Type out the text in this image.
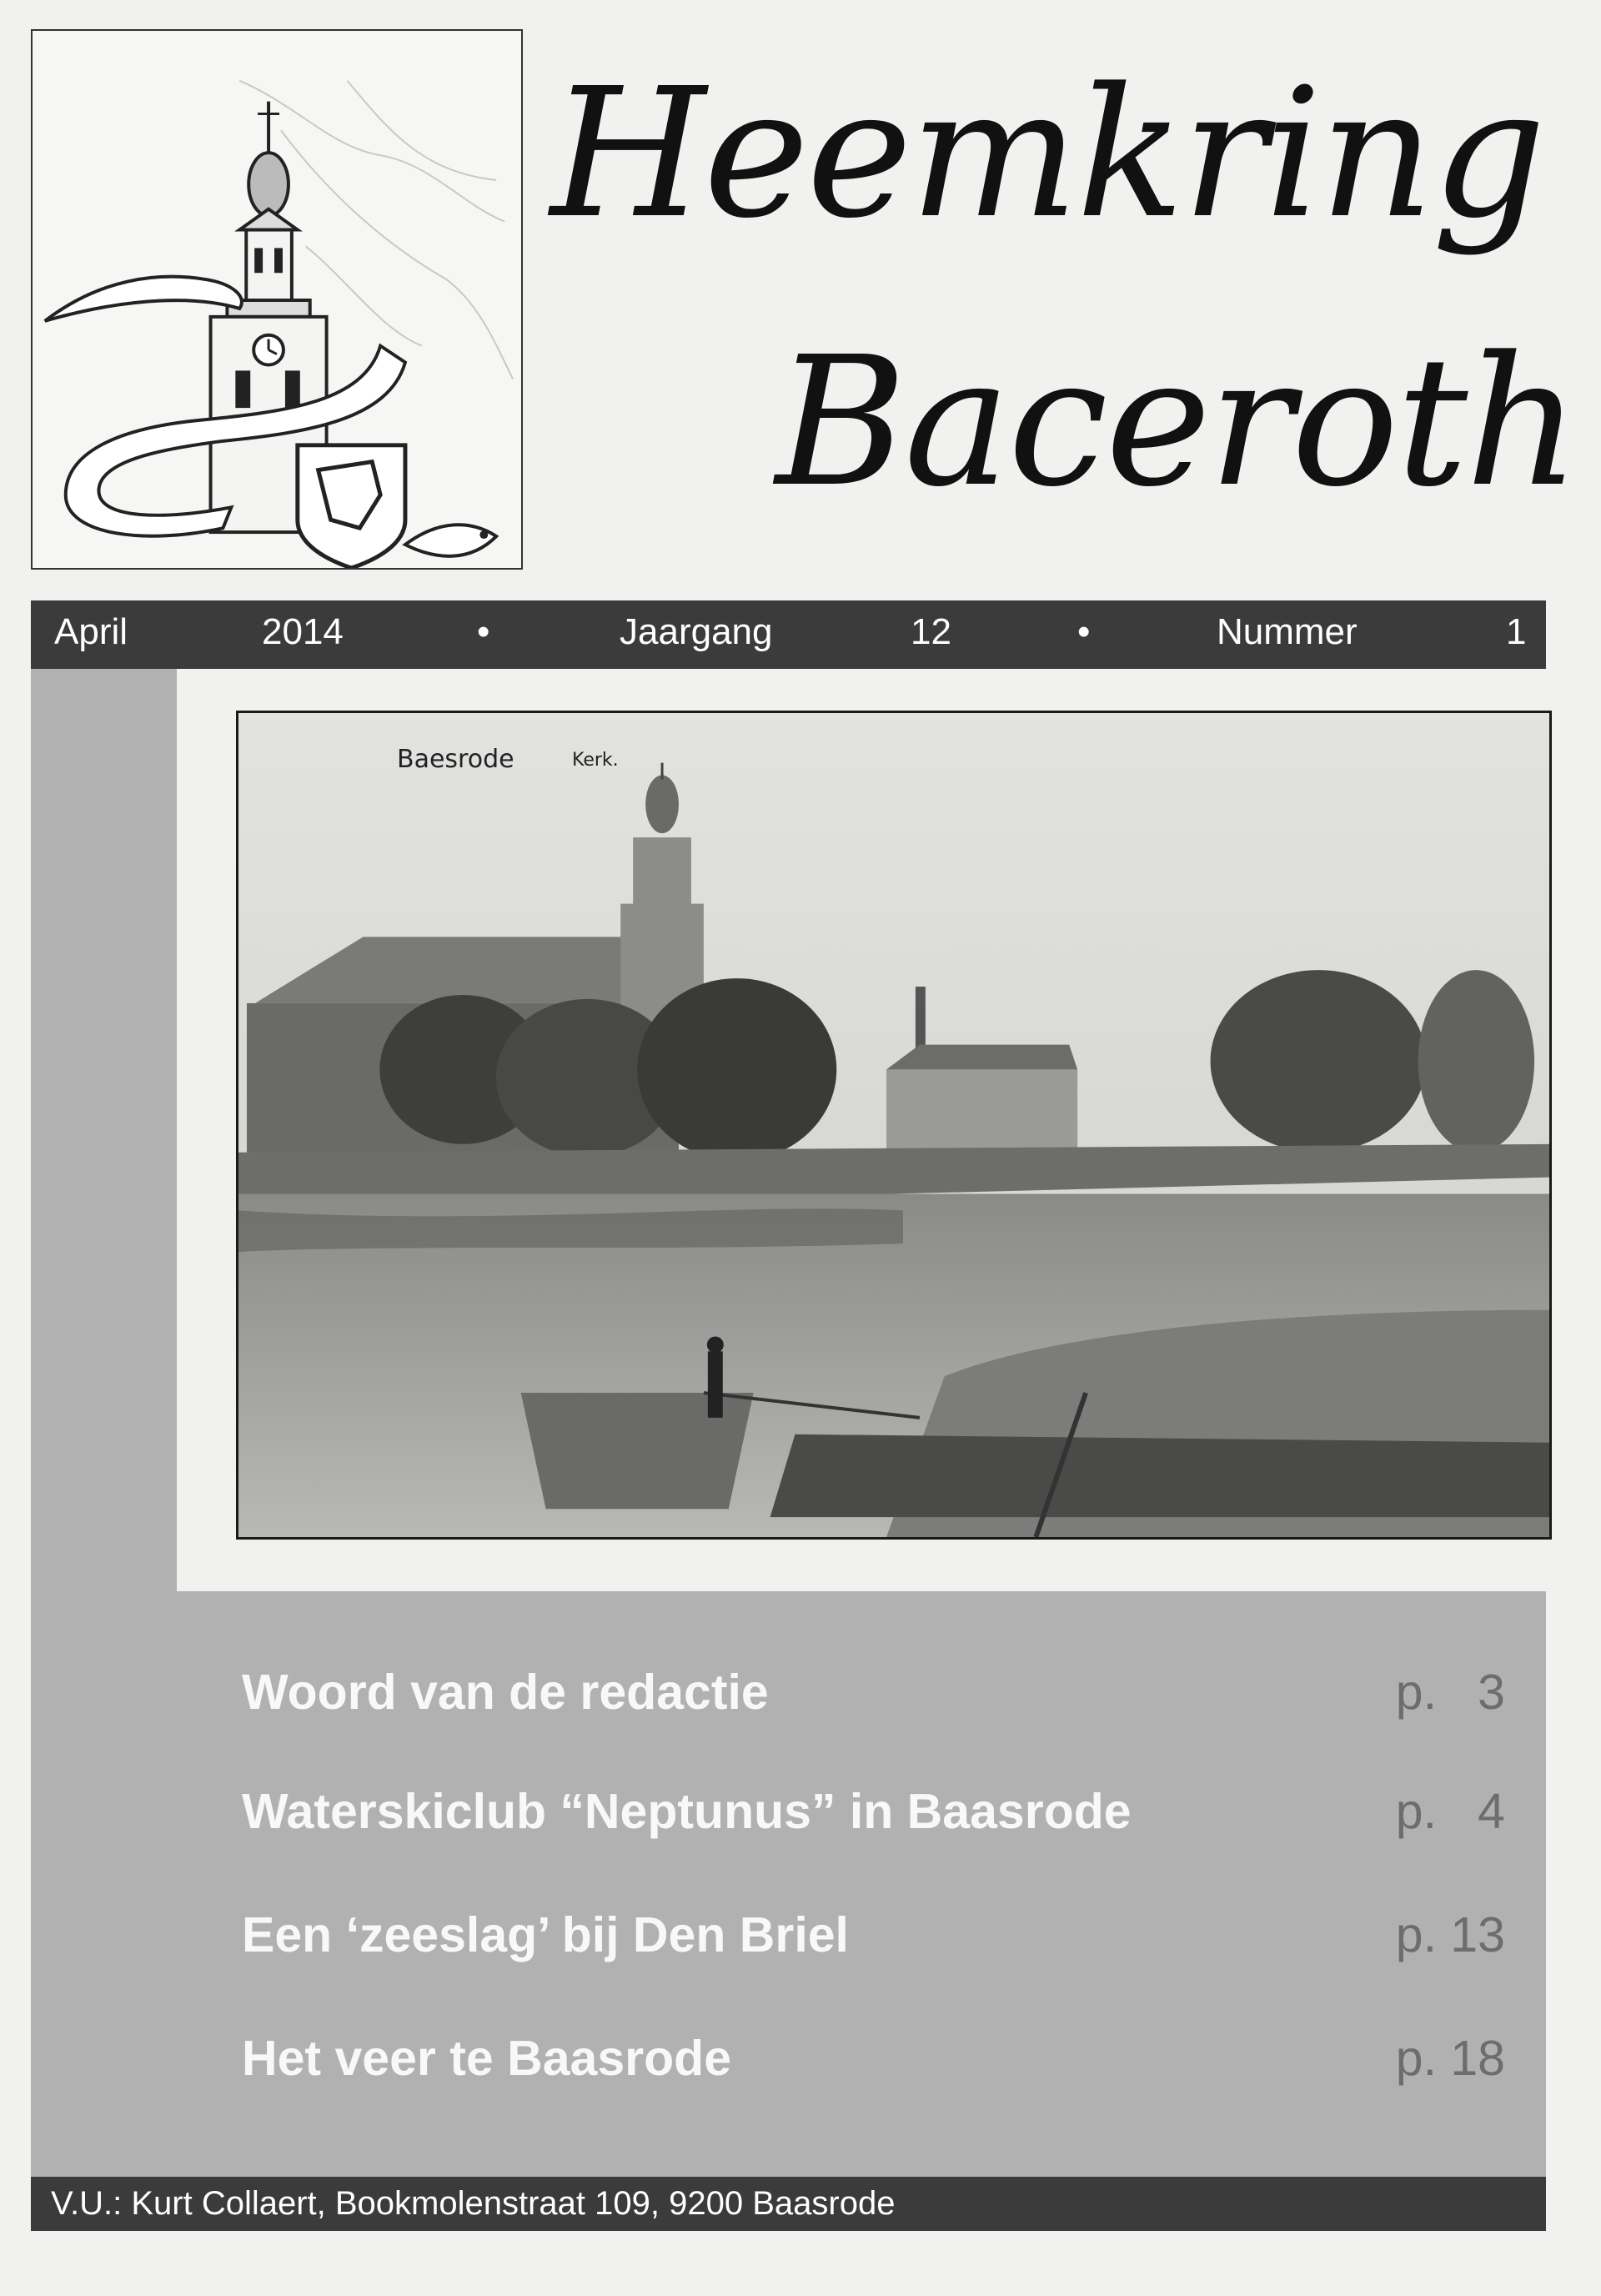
Heemkring
Baceroth
April	2014	•	Jaargang	12	•	Nummer	1
Baesrode	Kerk.
Woord van de redactie	p.   3
Waterskiclub “Neptunus” in Baasrode	p.   4
Een ‘zeeslag’ bij Den Briel	p. 13
Het veer te Baasrode	p. 18
V.U.: Kurt Collaert, Bookmolenstraat 109, 9200 Baasrode
